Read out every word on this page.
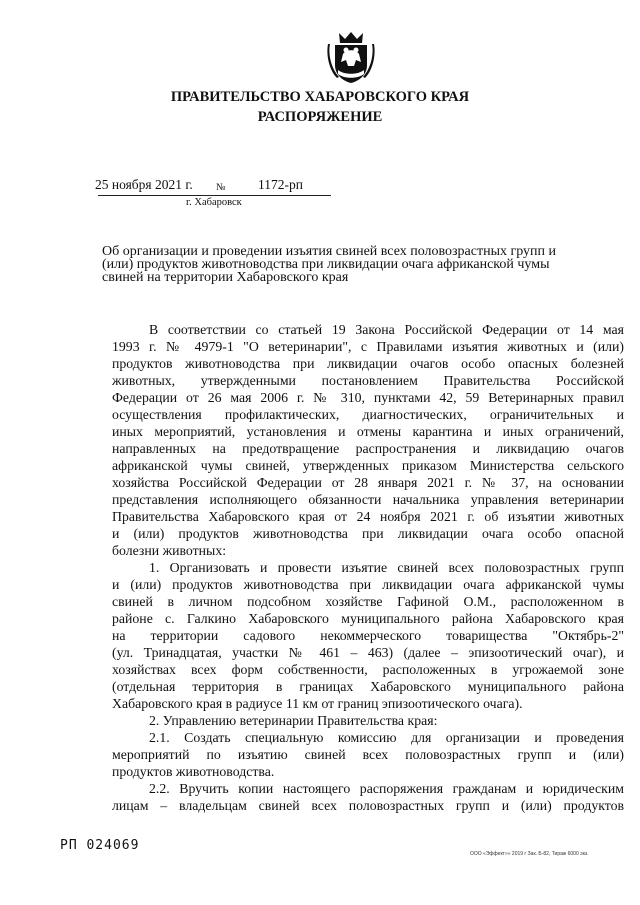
ПРАВИТЕЛЬСТВО ХАБАРОВСКОГО КРАЯ
РАСПОРЯЖЕНИЕ
25 ноября 2021 г. № 1172-рп
г. Хабаровск
Об организации и проведении изъятия свиней всех половозрастных групп и
(или) продуктов животноводства при ликвидации очага африканской чумы
свиней на территории Хабаровского края
В соответствии со статьей 19 Закона Российской Федерации от 14 мая
1993 г. № 4979-1 "О ветеринарии", с Правилами изъятия животных и (или)
продуктов животноводства при ликвидации очагов особо опасных болезней
животных, утвержденными постановлением Правительства Российской
Федерации от 26 мая 2006 г. № 310, пунктами 42, 59 Ветеринарных правил
осуществления профилактических, диагностических, ограничительных и
иных мероприятий, установления и отмены карантина и иных ограничений,
направленных на предотвращение распространения и ликвидацию очагов
африканской чумы свиней, утвержденных приказом Министерства сельского
хозяйства Российской Федерации от 28 января 2021 г. № 37, на основании
представления исполняющего обязанности начальника управления ветеринарии
Правительства Хабаровского края от 24 ноября 2021 г. об изъятии животных
и (или) продуктов животноводства при ликвидации очага особо опасной
болезни животных:
1. Организовать и провести изъятие свиней всех половозрастных групп
и (или) продуктов животноводства при ликвидации очага африканской чумы
свиней в личном подсобном хозяйстве Гафиной О.М., расположенном в
районе с. Галкино Хабаровского муниципального района Хабаровского края
на территории садового некоммерческого товарищества "Октябрь-2"
(ул. Тринадцатая, участки № 461 – 463) (далее – эпизоотический очаг), и
хозяйствах всех форм собственности, расположенных в угрожаемой зоне
(отдельная территория в границах Хабаровского муниципального района
Хабаровского края в радиусе 11 км от границ эпизоотического очага).
2. Управлению ветеринарии Правительства края:
2.1. Создать специальную комиссию для организации и проведения
мероприятий по изъятию свиней всех половозрастных групп и (или)
продуктов животноводства.
2.2. Вручить копии настоящего распоряжения гражданам и юридическим
лицам – владельцам свиней всех половозрастных групп и (или) продуктов
РП 024069
ООО «Эффект»» 2019 г Зак. Б-82, Тираж 6000 экз.
